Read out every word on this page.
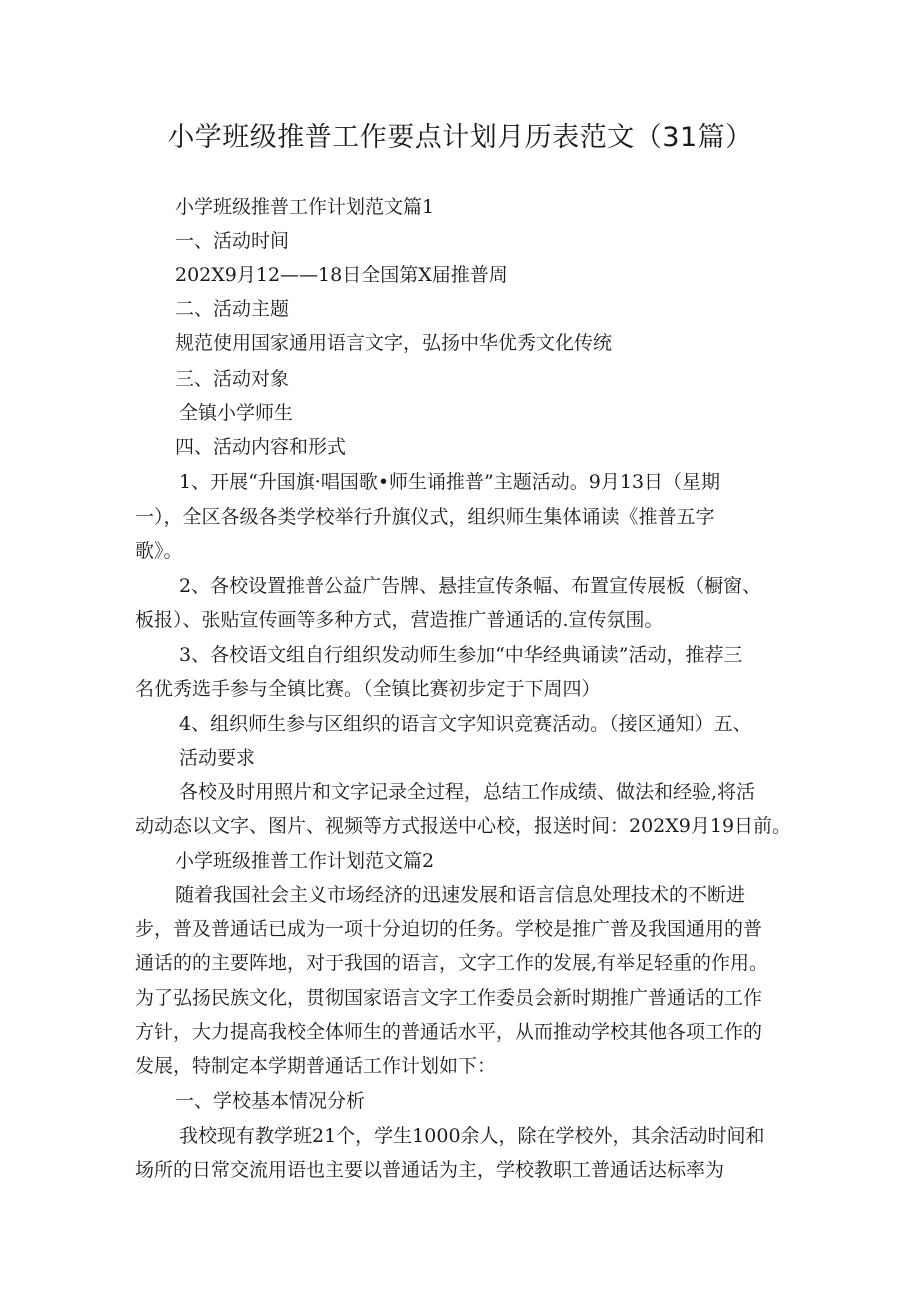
小学班级推普工作要点计划月历表范文（31篇）

小学班级推普工作计划范文篇1

一、活动时间

202X9月12——18日全国第X届推普周

二、活动主题

规范使用国家通用语言文字，弘扬中华优秀文化传统

三、活动对象

全镇小学师生

四、活动内容和形式

1、开展“升国旗·唱国歌•师生诵推普”主题活动。9月13日（星期

一），全区各级各类学校举行升旗仪式，组织师生集体诵读《推普五字

歌》。

2、各校设置推普公益广告牌、悬挂宣传条幅、布置宣传展板（橱窗、

板报）、张贴宣传画等多种方式，营造推广普通话的.宣传氛围。

3、各校语文组自行组织发动师生参加“中华经典诵读”活动，推荐三

名优秀选手参与全镇比赛。（全镇比赛初步定于下周四）

4、组织师生参与区组织的语言文字知识竞赛活动。（接区通知）五、

活动要求

各校及时用照片和文字记录全过程，总结工作成绩、做法和经验,将活

动动态以文字、图片、视频等方式报送中心校，报送时间：202X9月19日前。

小学班级推普工作计划范文篇2

随着我国社会主义市场经济的迅速发展和语言信息处理技术的不断进

步，普及普通话已成为一项十分迫切的任务。学校是推广普及我国通用的普

通话的的主要阵地，对于我国的语言，文字工作的发展,有举足轻重的作用。

为了弘扬民族文化，贯彻国家语言文字工作委员会新时期推广普通话的工作

方针，大力提高我校全体师生的普通话水平，从而推动学校其他各项工作的

发展，特制定本学期普通话工作计划如下：

一、学校基本情况分析

我校现有教学班21个，学生1000余人，除在学校外，其余活动时间和

场所的日常交流用语也主要以普通话为主，学校教职工普通话达标率为
